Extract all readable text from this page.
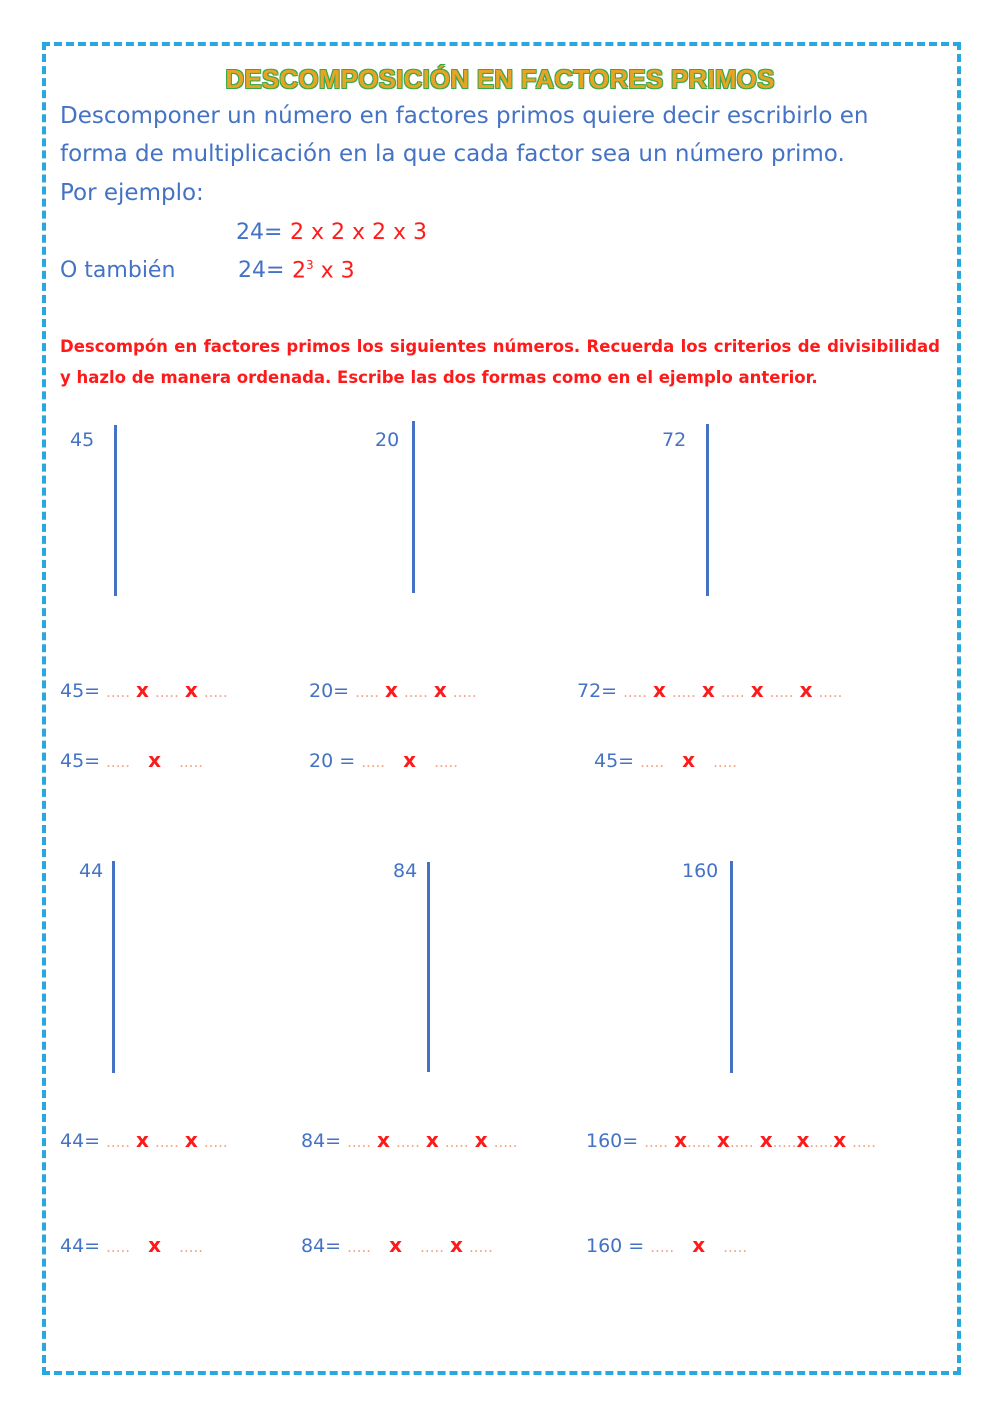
DESCOMPOSICIÓN EN FACTORES PRIMOS
Descomponer un número en factores primos quiere decir escribirlo en
forma de multiplicación en la que cada factor sea un número primo.
Por ejemplo:
24= 2 x 2 x 2 x 3
O también	$24= 2^3$ x 3
Descompón en factores primos los siguientes números. Recuerda los criterios de divisibilidad y hazlo de manera ordenada. Escribe las dos formas como en el ejemplo anterior.
45	20	72
45= ..... x ..... x .....	20= ..... x ..... x .....	72= ..... x ..... x ..... x ..... x .....
45= ..... x .....	20 = ..... x .....	45= ..... x .....
44	84	160
44= ..... x ..... x .....	84= ..... x ..... x ..... x .....	160= ..... x..... x..... x.....x.....x .....
44= ..... x .....	84= ..... x ..... x .....	160 = ..... x .....
